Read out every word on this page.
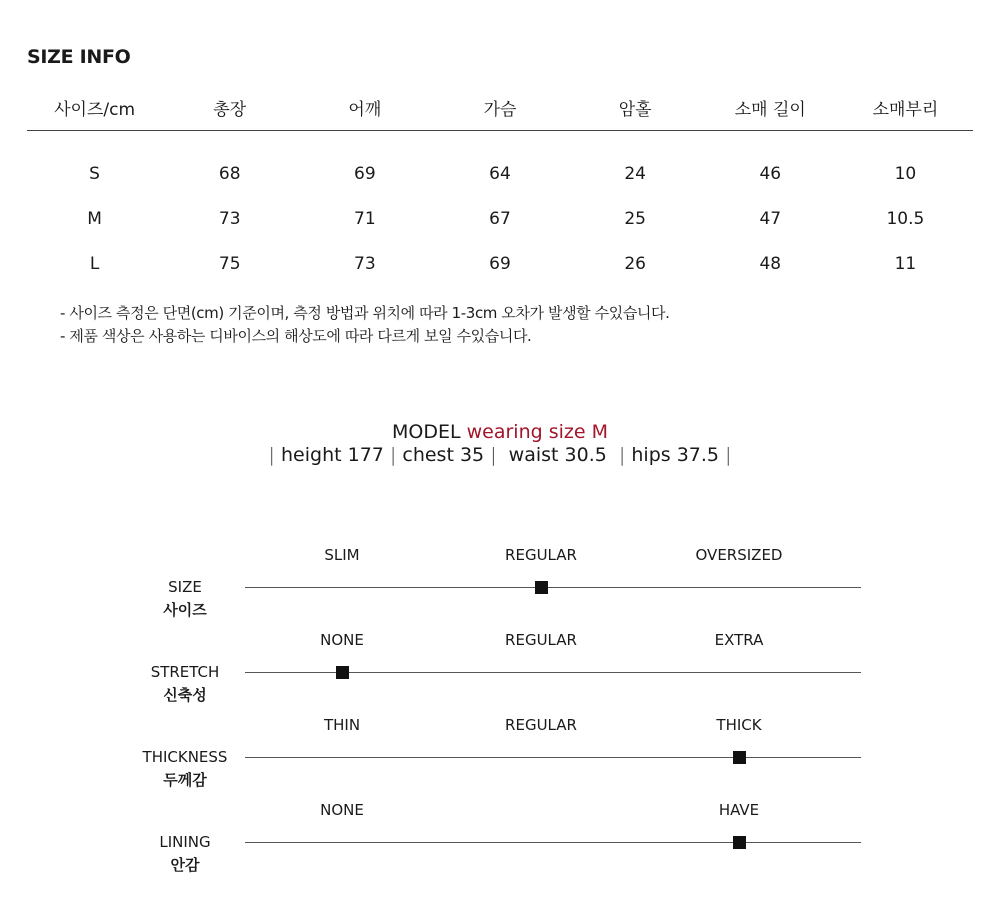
SIZE INFO
사이즈/cm	총장	어깨	가슴	암홀	소매 길이	소매부리
S	68	69	64	24	46	10
M	73	71	67	25	47	10.5
L	75	73	69	26	48	11
- 사이즈 측정은 단면(cm) 기준이며, 측정 방법과 위치에 따라 1-3cm 오차가 발생할 수있습니다.
- 제품 색상은 사용하는 디바이스의 해상도에 따라 다르게 보일 수있습니다.
MODEL wearing size M
| height 177 | chest 35 | waist 30.5 | hips 37.5 |
SIZE
사이즈
SLIM	REGULAR	OVERSIZED
STRETCH
신축성
NONE	REGULAR	EXTRA
THICKNESS
두께감
THIN	REGULAR	THICK
LINING
안감
NONE	HAVE
